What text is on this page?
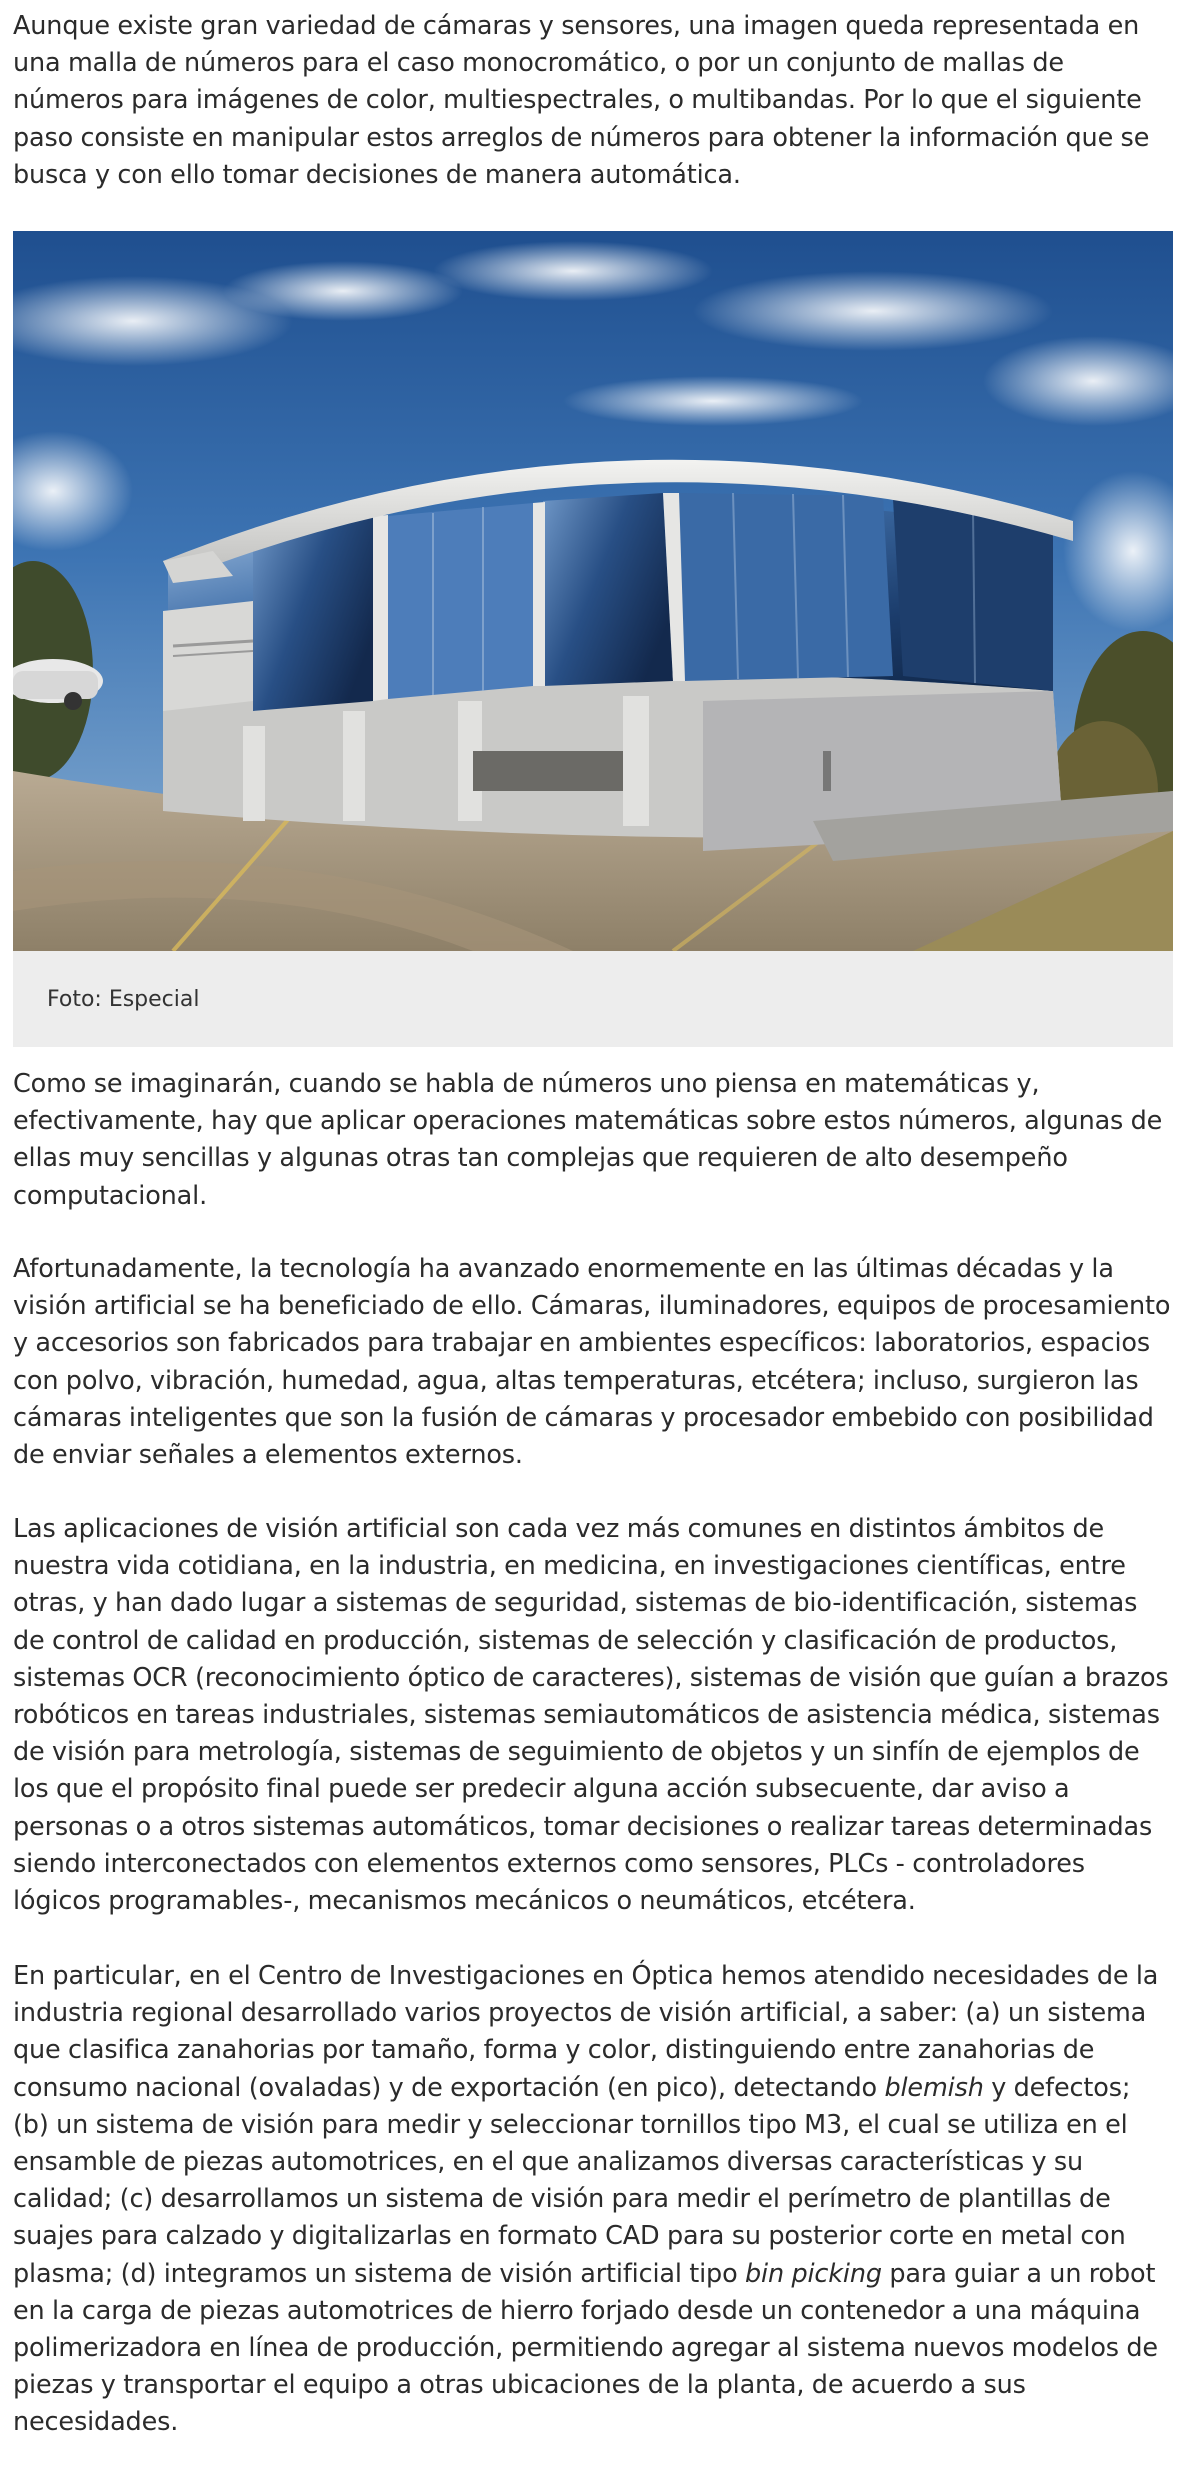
Aunque existe gran variedad de cámaras y sensores, una imagen queda representada en una malla de números para el caso monocromático, o por un conjunto de mallas de números para imágenes de color, multiespectrales, o multibandas. Por lo que el siguiente paso consiste en manipular estos arreglos de números para obtener la información que se busca y con ello tomar decisiones de manera automática.

Foto: Especial

Como se imaginarán, cuando se habla de números uno piensa en matemáticas y, efectivamente, hay que aplicar operaciones matemáticas sobre estos números, algunas de ellas muy sencillas y algunas otras tan complejas que requieren de alto desempeño computacional.

Afortunadamente, la tecnología ha avanzado enormemente en las últimas décadas y la visión artificial se ha beneficiado de ello. Cámaras, iluminadores, equipos de procesamiento y accesorios son fabricados para trabajar en ambientes específicos: laboratorios, espacios con polvo, vibración, humedad, agua, altas temperaturas, etcétera; incluso, surgieron las cámaras inteligentes que son la fusión de cámaras y procesador embebido con posibilidad de enviar señales a elementos externos.

Las aplicaciones de visión artificial son cada vez más comunes en distintos ámbitos de nuestra vida cotidiana, en la industria, en medicina, en investigaciones científicas, entre otras, y han dado lugar a sistemas de seguridad, sistemas de bio-identificación, sistemas de control de calidad en producción, sistemas de selección y clasificación de productos, sistemas OCR (reconocimiento óptico de caracteres), sistemas de visión que guían a brazos robóticos en tareas industriales, sistemas semiautomáticos de asistencia médica, sistemas de visión para metrología, sistemas de seguimiento de objetos y un sinfín de ejemplos de los que el propósito final puede ser predecir alguna acción subsecuente, dar aviso a personas o a otros sistemas automáticos, tomar decisiones o realizar tareas determinadas siendo interconectados con elementos externos como sensores, PLCs - controladores lógicos programables-, mecanismos mecánicos o neumáticos, etcétera.

En particular, en el Centro de Investigaciones en Óptica hemos atendido necesidades de la industria regional desarrollado varios proyectos de visión artificial, a saber: (a) un sistema que clasifica zanahorias por tamaño, forma y color, distinguiendo entre zanahorias de consumo nacional (ovaladas) y de exportación (en pico), detectando blemish y defectos; (b) un sistema de visión para medir y seleccionar tornillos tipo M3, el cual se utiliza en el ensamble de piezas automotrices, en el que analizamos diversas características y su calidad; (c) desarrollamos un sistema de visión para medir el perímetro de plantillas de suajes para calzado y digitalizarlas en formato CAD para su posterior corte en metal con plasma; (d) integramos un sistema de visión artificial tipo bin picking para guiar a un robot en la carga de piezas automotrices de hierro forjado desde un contenedor a una máquina polimerizadora en línea de producción, permitiendo agregar al sistema nuevos modelos de piezas y transportar el equipo a otras ubicaciones de la planta, de acuerdo a sus necesidades.
